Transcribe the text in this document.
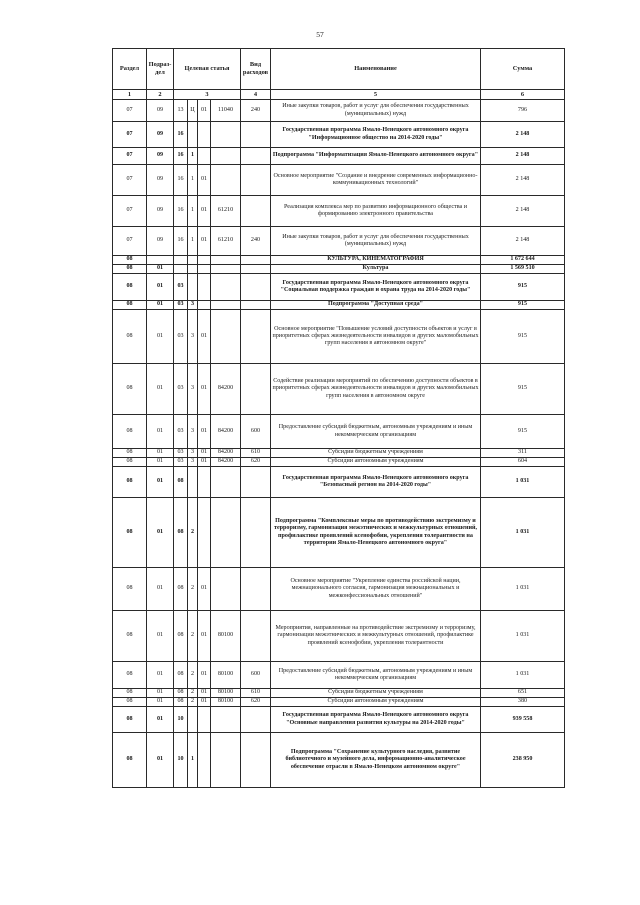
57
Раздел	Подраз-дел	Целевая статья				Вид расходов	Наименование	Сумма
1	2	3				4	5	6
07	09	13	Ц	01	11040	240	Иные закупки товаров, работ и услуг для обеспечения государственных (муниципальных) нужд	796
07	09	16					Государственная программа Ямало-Ненецкого автономного округа "Информационное общество на 2014-2020 годы"	2 148
07	09	16	1				Подпрограмма "Информатизация Ямало-Ненецкого автономного округа"	2 148
07	09	16	1	01			Основное мероприятие "Создание и внедрение современных информационно-коммуникационных технологий"	2 148
07	09	16	1	01	61210		Реализация комплекса мер по развитию информационного общества и формированию электронного правительства	2 148
07	09	16	1	01	61210	240	Иные закупки товаров, работ и услуг для обеспечения государственных (муниципальных) нужд	2 148
08							КУЛЬТУРА, КИНЕМАТОГРАФИЯ	1 672 644
08	01						Культура	1 569 510
08	01	03					Государственная программа Ямало-Ненецкого автономного округа "Социальная поддержка граждан и охрана труда на 2014-2020 годы"	915
08	01	03	3				Подпрограмма "Доступная среда"	915
08	01	03	3	01			Основное мероприятие "Повышение условий доступности объектов и услуг в приоритетных сферах жизнедеятельности инвалидов и других маломобильных групп населения в автономном округе"	915
08	01	03	3	01	84200		Содействие реализации мероприятий по обеспечению доступности объектов в приоритетных сферах жизнедеятельности инвалидов и других маломобильных групп населения в автономном округе	915
08	01	03	3	01	84200	600	Предоставление субсидий бюджетным, автономным учреждениям и иным некоммерческим организациям	915
08	01	03	3	01	84200	610	Субсидии бюджетным учреждениям	311
08	01	03	3	01	84200	620	Субсидии автономным учреждениям	604
08	01	08					Государственная программа Ямало-Ненецкого автономного округа "Безопасный регион на 2014-2020 годы"	1 031
08	01	08	2				Подпрограмма "Комплексные меры по противодействию экстремизму и терроризму, гармонизация межэтнических и межкультурных отношений, профилактике проявлений ксенофобии, укрепления толерантности на территории Ямало-Ненецкого автономного округа"	1 031
08	01	08	2	01			Основное мероприятие "Укрепление единства российской нации, межнационального согласия, гармонизация межнациональных и межконфессиональных отношений"	1 031
08	01	08	2	01	80100		Мероприятия, направленные на противодействие экстремизму и терроризму, гармонизации межэтнических и межкультурных отношений, профилактике проявлений ксенофобии, укрепления толерантности	1 031
08	01	08	2	01	80100	600	Предоставление субсидий бюджетным, автономным учреждениям и иным некоммерческим организациям	1 031
08	01	08	2	01	80100	610	Субсидии бюджетным учреждениям	651
08	01	08	2	01	80100	620	Субсидии автономным учреждениям	380
08	01	10					Государственная программа Ямало-Ненецкого автономного округа "Основные направления развития культуры на 2014-2020 годы"	939 558
08	01	10	1				Подпрограмма "Сохранение культурного наследия, развитие библиотечного и музейного дела, информационно-аналитическое обеспечение отрасли в Ямало-Ненецком автономном округе"	238 950
